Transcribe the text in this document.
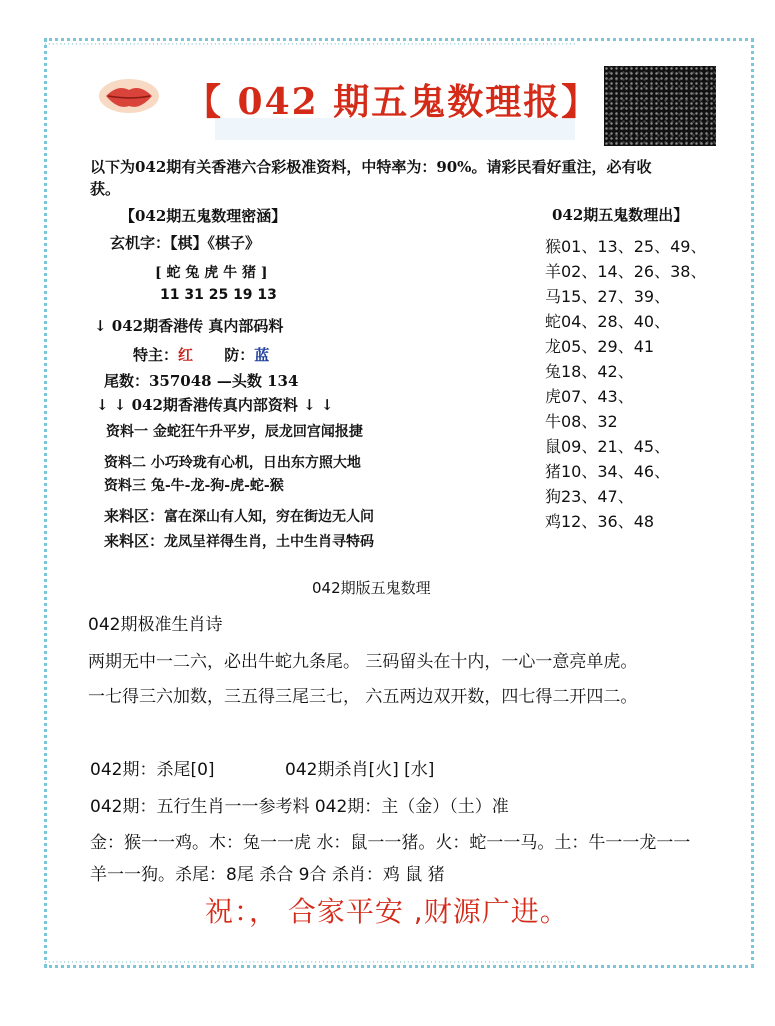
··········································································································································
··········································································································································
【 042 期五鬼数理报】
以下为042期有关香港六合彩极准资料，中特率为：90%。请彩民看好重注，必有收
获。
【042期五鬼数理密涵】
玄机字：【棋】《棋子》
[ 蛇 兔 虎 牛 猪 ]
11 31 25 19 13
↓ 042期香港传 真内部码料
特主：红 防：蓝
尾数：357048 —头数 134
↓ ↓ 042期香港传真内部资料 ↓ ↓
资料一 金蛇狂午升平岁，辰龙回宫闻报捷
资料二 小巧玲珑有心机，日出东方照大地
资料三 兔-牛-龙-狗-虎-蛇-猴
来料区：富在深山有人知，穷在街边无人问
来料区：龙凤呈祥得生肖，土中生肖寻特码
042期五鬼数理出】
猴01、13、25、49、
羊02、14、26、38、
马15、27、39、
蛇04、28、40、
龙05、29、41
兔18、42、
虎07、43、
牛08、32
鼠09、21、45、
猪10、34、46、
狗23、47、
鸡12、36、48
042期版五鬼数理
042期极准生肖诗
两期无中一二六，必出牛蛇九条尾。 三码留头在十内，一心一意亮单虎。
一七得三六加数，三五得三尾三七， 六五两边双开数，四七得二开四二。
042期：杀尾[0]	042期杀肖[火] [水]
042期：五行生肖一一参考料 042期：主（金）（土）准
金：猴一一鸡。木：兔一一虎 水：鼠一一猪。火：蛇一一马。土：牛一一龙一一
羊一一狗。杀尾：8尾 杀合 9合 杀肖：鸡 鼠 猪
祝：， 合家平安 ,财源广进。
